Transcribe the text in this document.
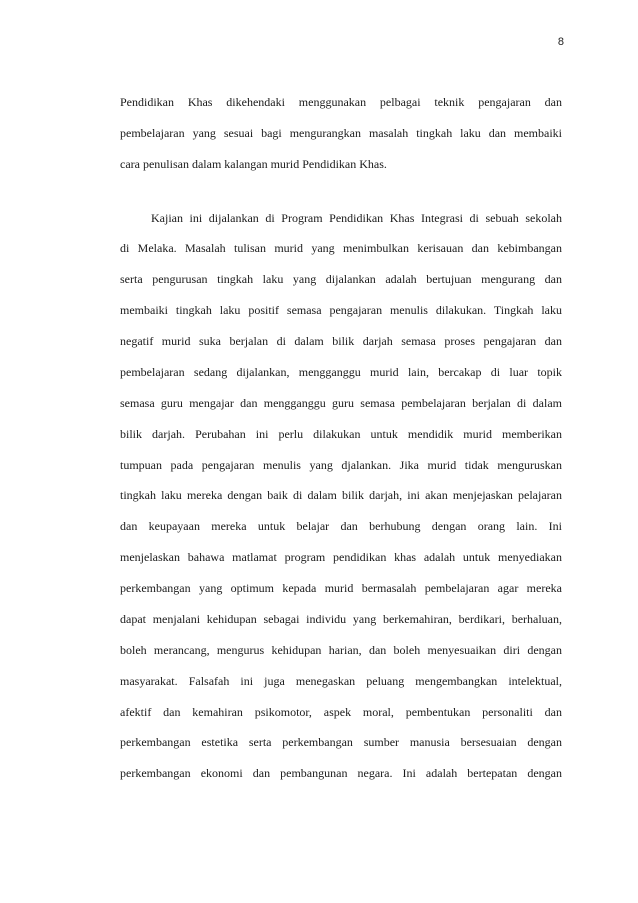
8
Pendidikan Khas dikehendaki menggunakan pelbagai teknik pengajaran dan
pembelajaran yang sesuai bagi mengurangkan masalah tingkah laku dan membaiki
cara penulisan dalam kalangan murid Pendidikan Khas.
Kajian ini dijalankan di Program Pendidikan Khas Integrasi di sebuah sekolah
di Melaka. Masalah tulisan murid yang menimbulkan kerisauan dan kebimbangan
serta pengurusan tingkah laku yang dijalankan adalah bertujuan mengurang dan
membaiki tingkah laku positif semasa pengajaran menulis dilakukan. Tingkah laku
negatif murid suka berjalan di dalam bilik darjah semasa proses pengajaran dan
pembelajaran sedang dijalankan, mengganggu murid lain, bercakap di luar topik
semasa guru mengajar dan mengganggu guru semasa pembelajaran berjalan di dalam
bilik darjah. Perubahan ini perlu dilakukan untuk mendidik murid memberikan
tumpuan pada pengajaran menulis yang djalankan. Jika murid tidak menguruskan
tingkah laku mereka dengan baik di dalam bilik darjah, ini akan menjejaskan pelajaran
dan keupayaan mereka untuk belajar dan berhubung dengan orang lain. Ini
menjelaskan bahawa matlamat program pendidikan khas adalah untuk menyediakan
perkembangan yang optimum kepada murid bermasalah pembelajaran agar mereka
dapat menjalani kehidupan sebagai individu yang berkemahiran, berdikari, berhaluan,
boleh merancang, mengurus kehidupan harian, dan boleh menyesuaikan diri dengan
masyarakat. Falsafah ini juga menegaskan peluang mengembangkan intelektual,
afektif dan kemahiran psikomotor, aspek moral, pembentukan personaliti dan
perkembangan estetika serta perkembangan sumber manusia bersesuaian dengan
perkembangan ekonomi dan pembangunan negara. Ini adalah bertepatan dengan
